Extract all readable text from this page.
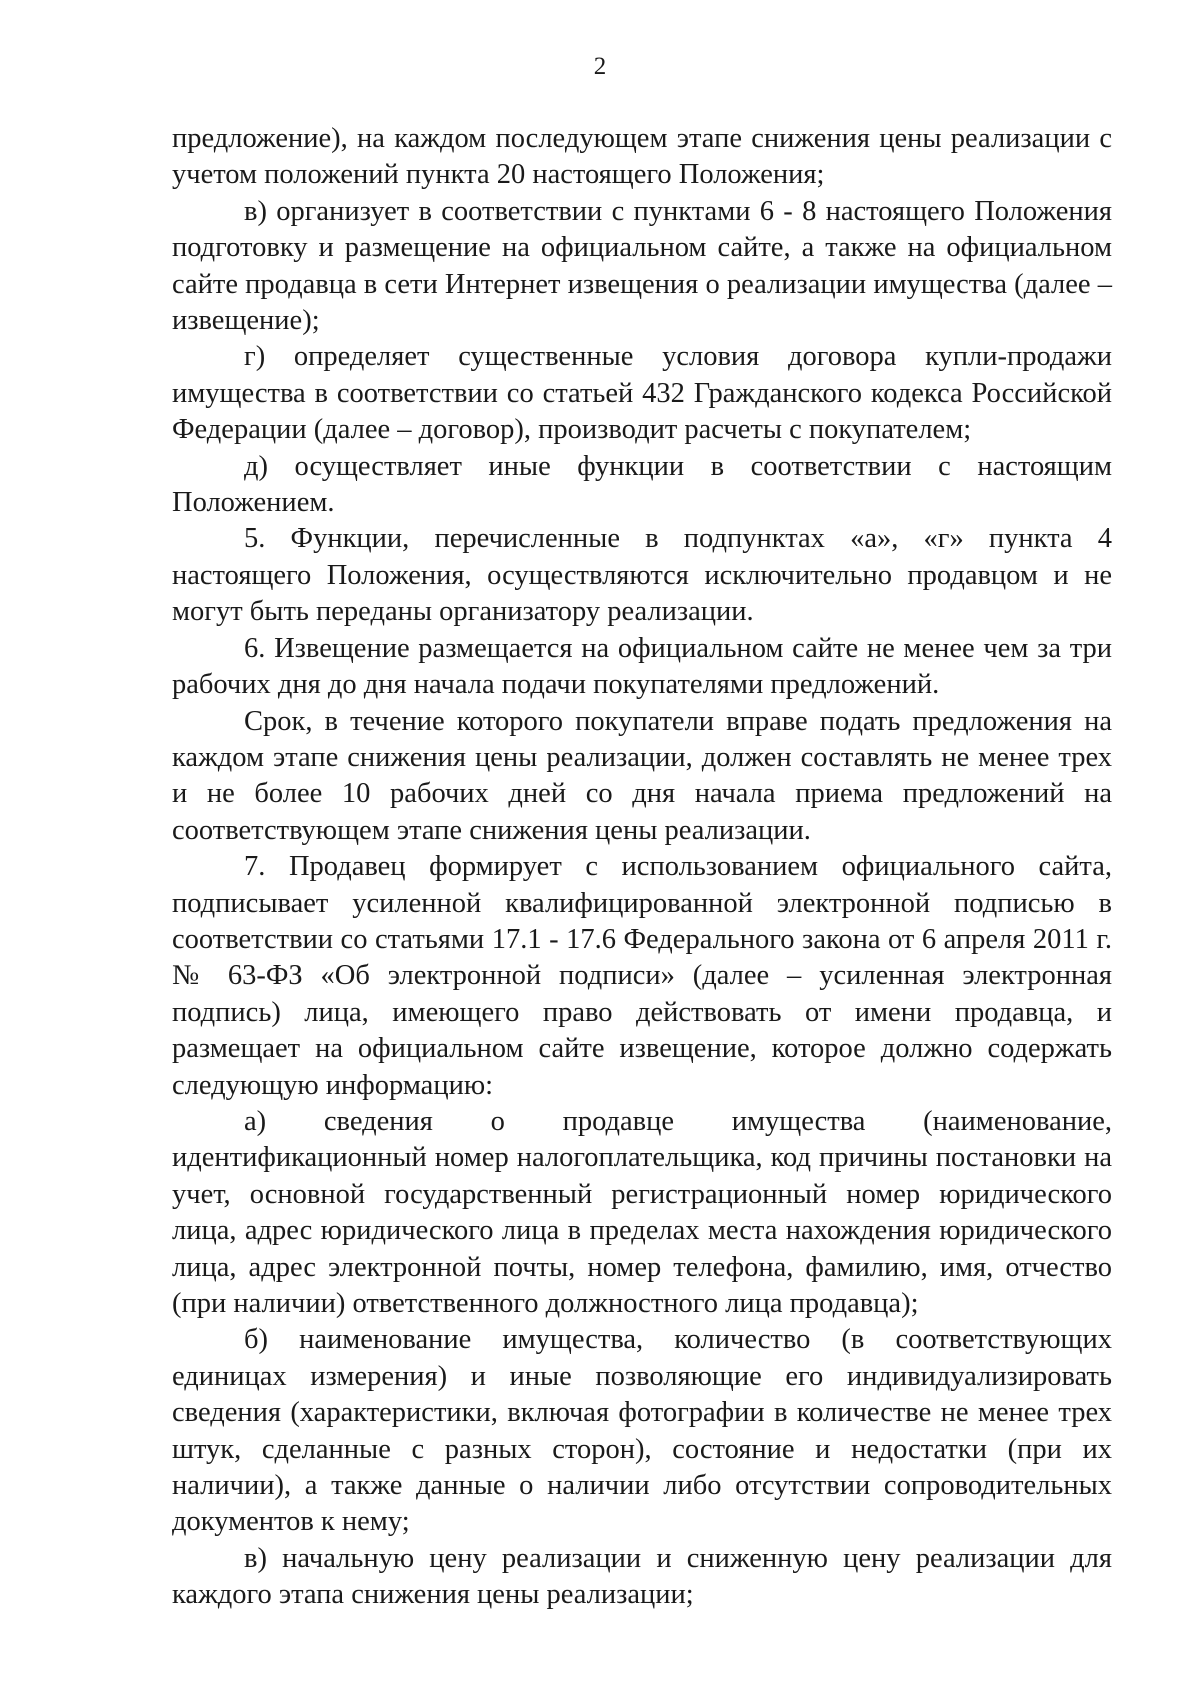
2

предложение), на каждом последующем этапе снижения цены реализации с учетом положений пункта 20 настоящего Положения;

в) организует в соответствии с пунктами 6 - 8 настоящего Положения подготовку и размещение на официальном сайте, а также на официальном сайте продавца в сети Интернет извещения о реализации имущества (далее – извещение);

г) определяет существенные условия договора купли-продажи имущества в соответствии со статьей 432 Гражданского кодекса Российской Федерации (далее – договор), производит расчеты с покупателем;

д) осуществляет иные функции в соответствии с настоящим Положением.

5. Функции, перечисленные в подпунктах «а», «г» пункта 4 настоящего Положения, осуществляются исключительно продавцом и не могут быть переданы организатору реализации.

6. Извещение размещается на официальном сайте не менее чем за три рабочих дня до дня начала подачи покупателями предложений.

Срок, в течение которого покупатели вправе подать предложения на каждом этапе снижения цены реализации, должен составлять не менее трех и не более 10 рабочих дней со дня начала приема предложений на соответствующем этапе снижения цены реализации.

7. Продавец формирует с использованием официального сайта, подписывает усиленной квалифицированной электронной подписью в соответствии со статьями 17.1 - 17.6 Федерального закона от 6 апреля 2011 г. № 63-ФЗ «Об электронной подписи» (далее – усиленная электронная подпись) лица, имеющего право действовать от имени продавца, и размещает на официальном сайте извещение, которое должно содержать следующую информацию:

а) сведения о продавце имущества (наименование, идентификационный номер налогоплательщика, код причины постановки на учет, основной государственный регистрационный номер юридического лица, адрес юридического лица в пределах места нахождения юридического лица, адрес электронной почты, номер телефона, фамилию, имя, отчество (при наличии) ответственного должностного лица продавца);

б) наименование имущества, количество (в соответствующих единицах измерения) и иные позволяющие его индивидуализировать сведения (характеристики, включая фотографии в количестве не менее трех штук, сделанные с разных сторон), состояние и недостатки (при их наличии), а также данные о наличии либо отсутствии сопроводительных документов к нему;

в) начальную цену реализации и сниженную цену реализации для каждого этапа снижения цены реализации;
